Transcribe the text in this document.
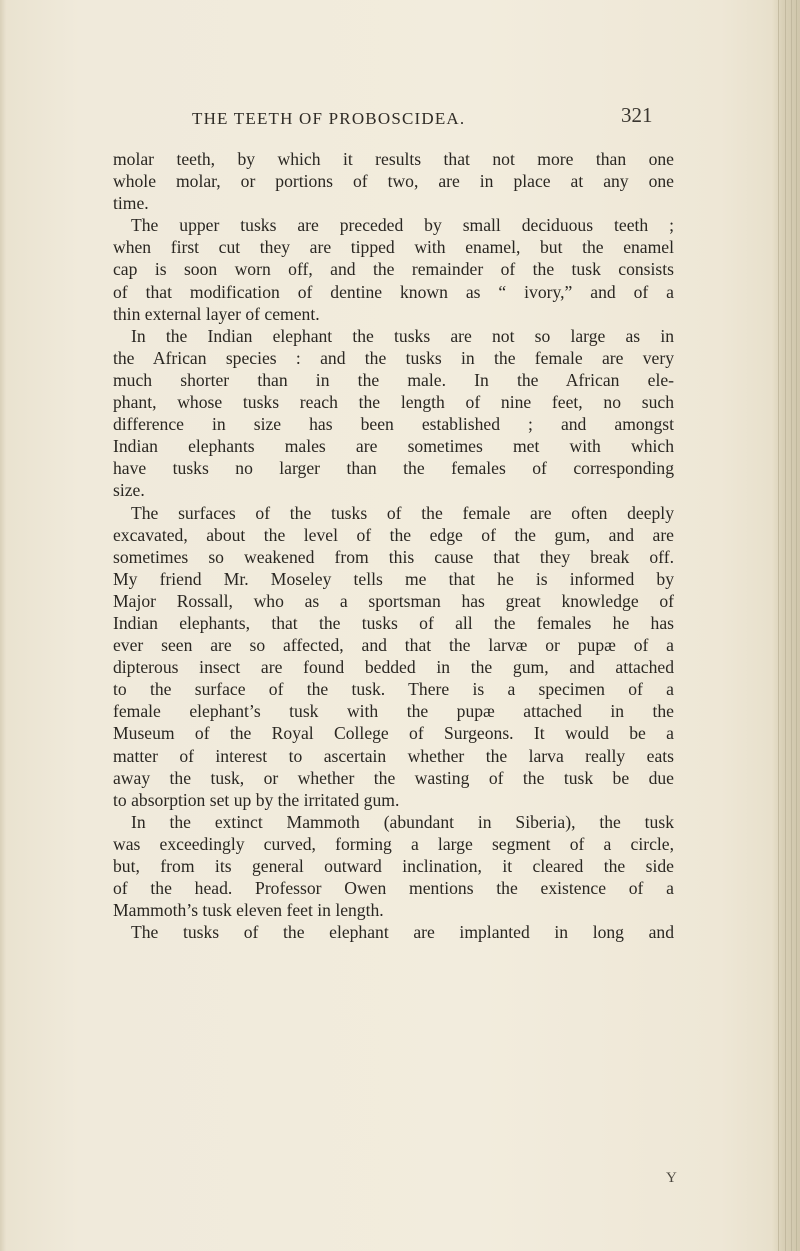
THE TEETH OF PROBOSCIDEA.	321
molar teeth, by which it results that not more than one
whole molar, or portions of two, are in place at any one
time.
The upper tusks are preceded by small deciduous teeth ;
when first cut they are tipped with enamel, but the enamel
cap is soon worn off, and the remainder of the tusk consists
of that modification of dentine known as “ ivory,” and of a
thin external layer of cement.
In the Indian elephant the tusks are not so large as in
the African species : and the tusks in the female are very
much shorter than in the male. In the African ele-
phant, whose tusks reach the length of nine feet, no such
difference in size has been established ; and amongst
Indian elephants males are sometimes met with which
have tusks no larger than the females of corresponding
size.
The surfaces of the tusks of the female are often deeply
excavated, about the level of the edge of the gum, and are
sometimes so weakened from this cause that they break off.
My friend Mr. Moseley tells me that he is informed by
Major Rossall, who as a sportsman has great knowledge of
Indian elephants, that the tusks of all the females he has
ever seen are so affected, and that the larvæ or pupæ of a
dipterous insect are found bedded in the gum, and attached
to the surface of the tusk. There is a specimen of a
female elephant’s tusk with the pupæ attached in the
Museum of the Royal College of Surgeons. It would be a
matter of interest to ascertain whether the larva really eats
away the tusk, or whether the wasting of the tusk be due
to absorption set up by the irritated gum.
In the extinct Mammoth (abundant in Siberia), the tusk
was exceedingly curved, forming a large segment of a circle,
but, from its general outward inclination, it cleared the side
of the head. Professor Owen mentions the existence of a
Mammoth’s tusk eleven feet in length.
The tusks of the elephant are implanted in long and
Y
